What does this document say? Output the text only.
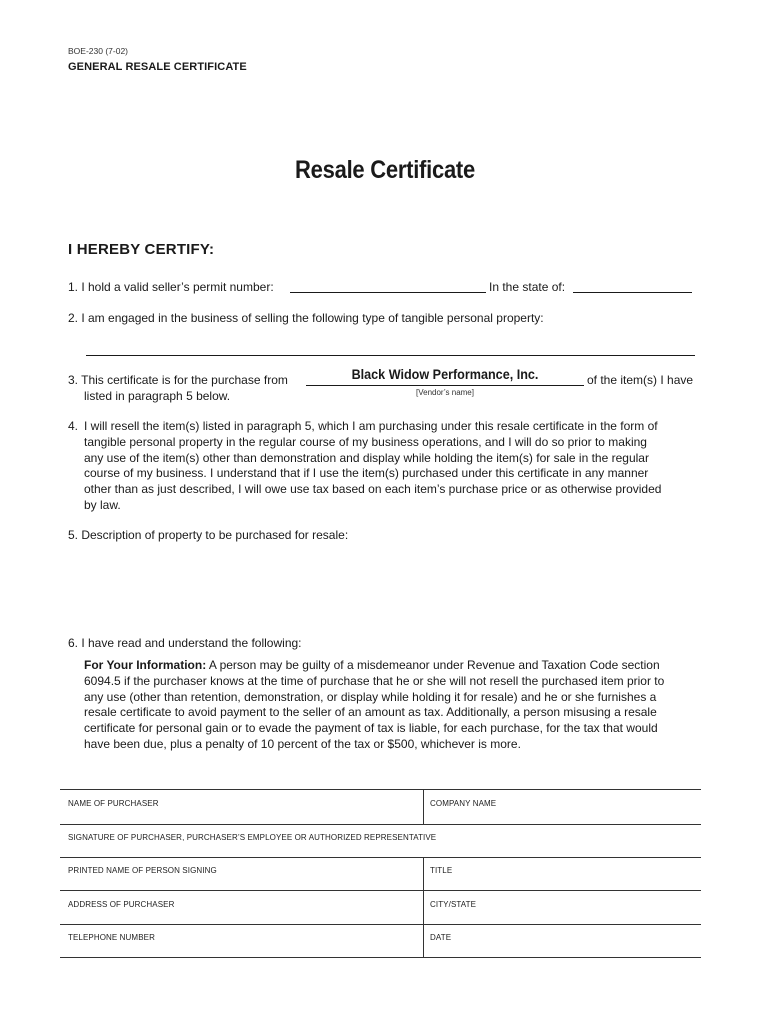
BOE-230 (7-02)
GENERAL RESALE CERTIFICATE
Resale Certificate
I HEREBY CERTIFY:
1. I hold a valid seller’s permit number:	In the state of:
2. I am engaged in the business of selling the following type of tangible personal property:
3. This certificate is for the purchase from	Black Widow Performance, Inc.
[Vendor’s name]
of the item(s) I have
listed in paragraph 5 below.
4. I will resell the item(s) listed in paragraph 5, which I am purchasing under this resale certificate in the form of
tangible personal property in the regular course of my business operations, and I will do so prior to making
any use of the item(s) other than demonstration and display while holding the item(s) for sale in the regular
course of my business. I understand that if I use the item(s) purchased under this certificate in any manner
other than as just described, I will owe use tax based on each item’s purchase price or as otherwise provided
by law.
5. Description of property to be purchased for resale:
6. I have read and understand the following:
For Your Information: A person may be guilty of a misdemeanor under Revenue and Taxation Code section
6094.5 if the purchaser knows at the time of purchase that he or she will not resell the purchased item prior to
any use (other than retention, demonstration, or display while holding it for resale) and he or she furnishes a
resale certificate to avoid payment to the seller of an amount as tax. Additionally, a person misusing a resale
certificate for personal gain or to evade the payment of tax is liable, for each purchase, for the tax that would
have been due, plus a penalty of 10 percent of the tax or $500, whichever is more.
NAME OF PURCHASER	COMPANY NAME
SIGNATURE OF PURCHASER, PURCHASER’S EMPLOYEE OR AUTHORIZED REPRESENTATIVE
PRINTED NAME OF PERSON SIGNING	TITLE
ADDRESS OF PURCHASER	CITY/STATE
TELEPHONE NUMBER	DATE
